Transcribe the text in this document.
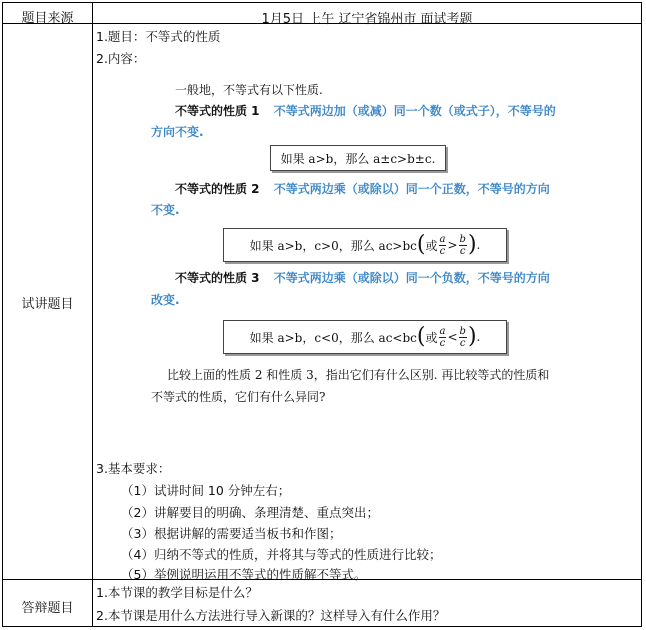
题目来源	1月5日 上午 辽宁省锦州市 面试考题
试讲题目
1.题目：不等式的性质
2.内容：
一般地，不等式有以下性质.
不等式的性质 1 不等式两边加（或减）同一个数（或式子），不等号的
方向不变.
如果 a>b，那么 a±c>b±c.
不等式的性质 2 不等式两边乘（或除以）同一个正数，不等号的方向
不变.
如果 a>b，c>0，那么 ac>bc ( 或 $\frac{a}{c} > \frac{b}{c}$ ) .
不等式的性质 3 不等式两边乘（或除以）同一个负数，不等号的方向
改变.
如果 a>b，c<0，那么 ac<bc ( 或 $\frac{a}{c} < \frac{b}{c}$ ) .
比较上面的性质 2 和性质 3，指出它们有什么区别. 再比较等式的性质和
不等式的性质，它们有什么异同?
3.基本要求：
（1）试讲时间 10 分钟左右；
（2）讲解要目的明确、条理清楚、重点突出；
（3）根据讲解的需要适当板书和作图；
（4）归纳不等式的性质，并将其与等式的性质进行比较；
（5）举例说明运用不等式的性质解不等式。
答辩题目
1.本节课的教学目标是什么？
2.本节课是用什么方法进行导入新课的？这样导入有什么作用？
